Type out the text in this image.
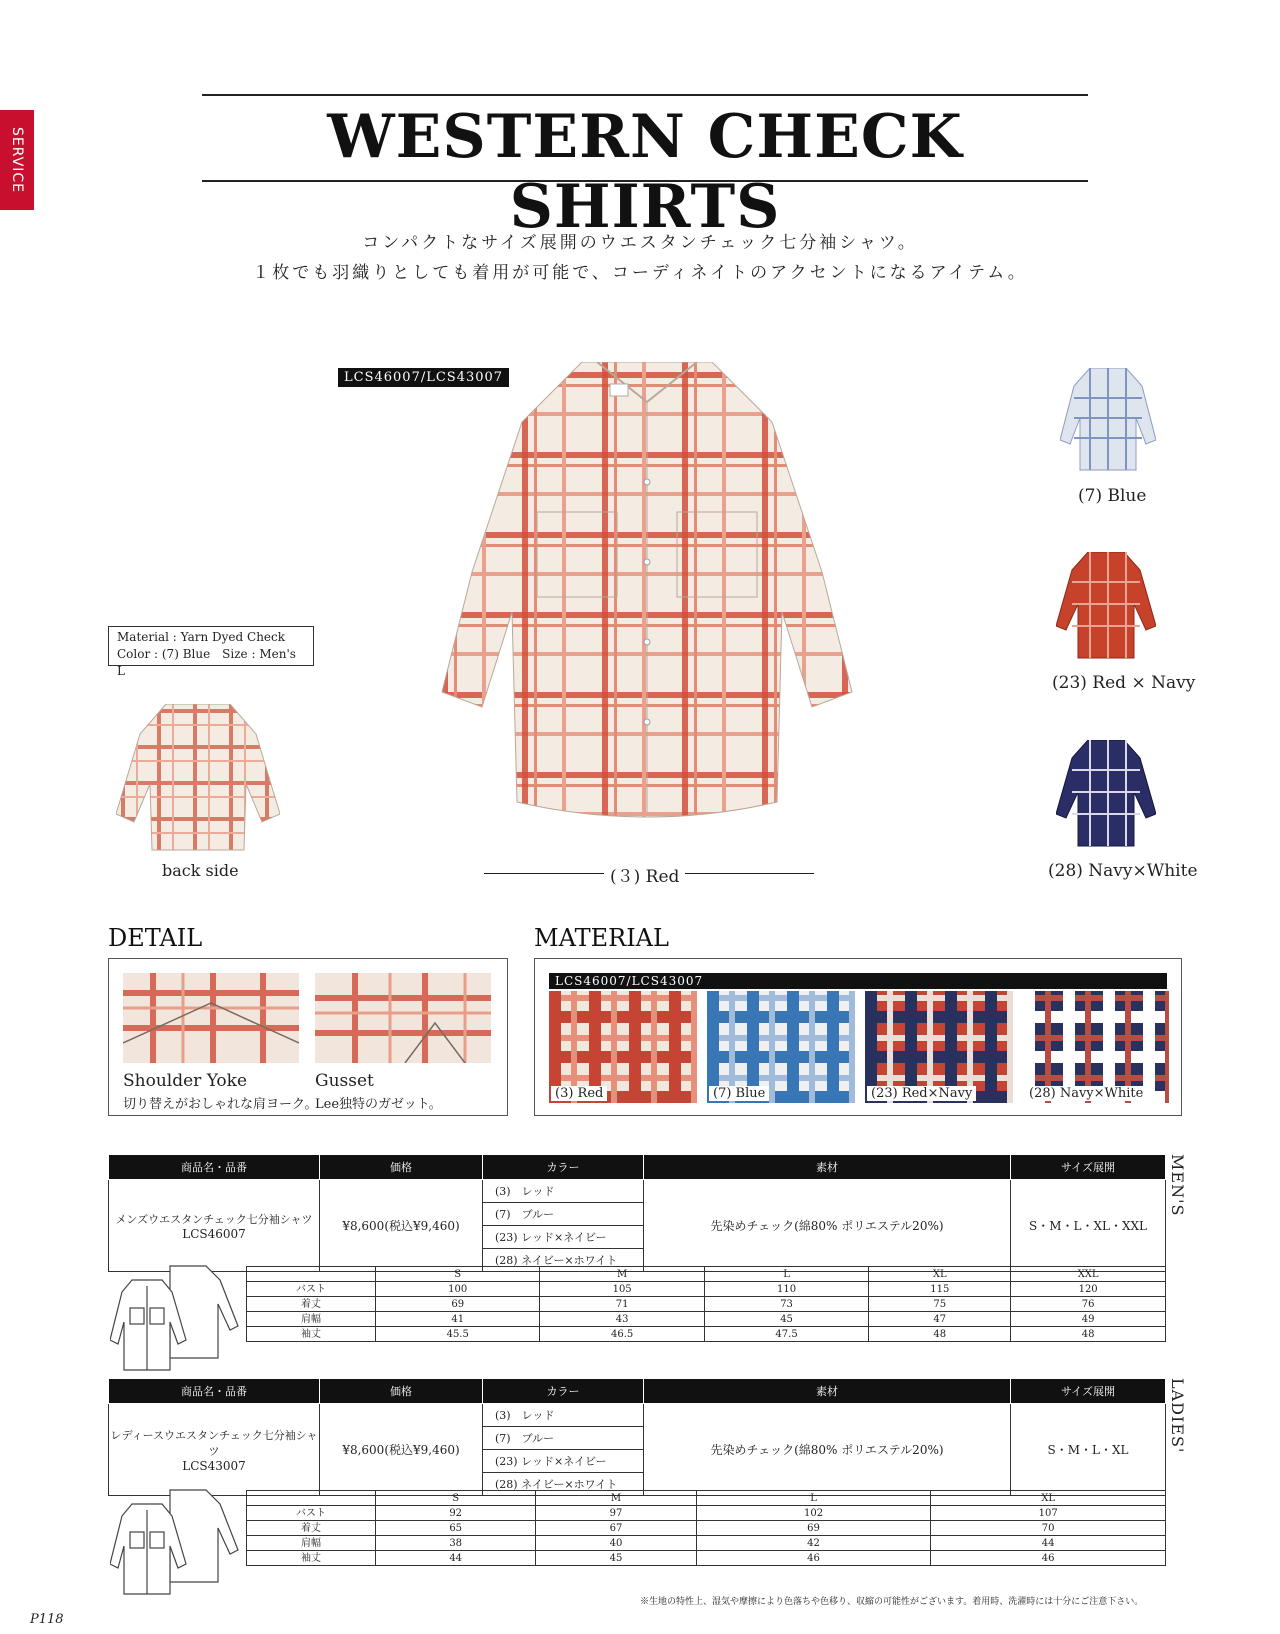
SERVICE	WESTERN CHECK SHIRTS
コンパクトなサイズ展開のウエスタンチェック七分袖シャツ。
１枚でも羽織りとしても着用が可能で、コーディネイトのアクセントになるアイテム。
LCS46007/LCS43007
(３) Red
Material : Yarn Dyed Check
Color : (7) Blue　Size : Men's L
back side
(7) Blue
(23) Red × Navy
(28) Navy×White
DETAIL
Shoulder Yoke
切り替えがおしゃれな肩ヨーク。
Gusset
Lee独特のガゼット。
MATERIAL
LCS46007/LCS43007
(3) Red	(7) Blue	(23) Red×Navy	(28) Navy×White
商品名・品番	価格	カラー	素材	サイズ展開

メンズウエスタンチェック七分袖シャツ
LCS46007	¥8,600(税込¥9,460)	(3)　レッド	先染めチェック(綿80% ポリエステル20%)	S・M・L・XL・XXL
		(7)　ブルー		
		(23) レッド×ネイビー		
		(28) ネイビー×ホワイト		
MEN'S
	S	M	L	XL	XXL
バスト	100	105	110	115	120
着丈	69	71	73	75	76
肩幅	41	43	45	47	49
袖丈	45.5	46.5	47.5	48	48
商品名・品番	価格	カラー	素材	サイズ展開

レディースウエスタンチェック七分袖シャツ
LCS43007	¥8,600(税込¥9,460)	(3)　レッド	先染めチェック(綿80% ポリエステル20%)	S・M・L・XL
		(7)　ブルー		
		(23) レッド×ネイビー		
		(28) ネイビー×ホワイト		
LADIES'
	S	M	L	XL
バスト	92	97	102	107
着丈	65	67	69	70
肩幅	38	40	42	44
袖丈	44	45	46	46
※生地の特性上、湿気や摩擦により色落ちや色移り、収縮の可能性がございます。着用時、洗濯時には十分にご注意下さい。
P118
